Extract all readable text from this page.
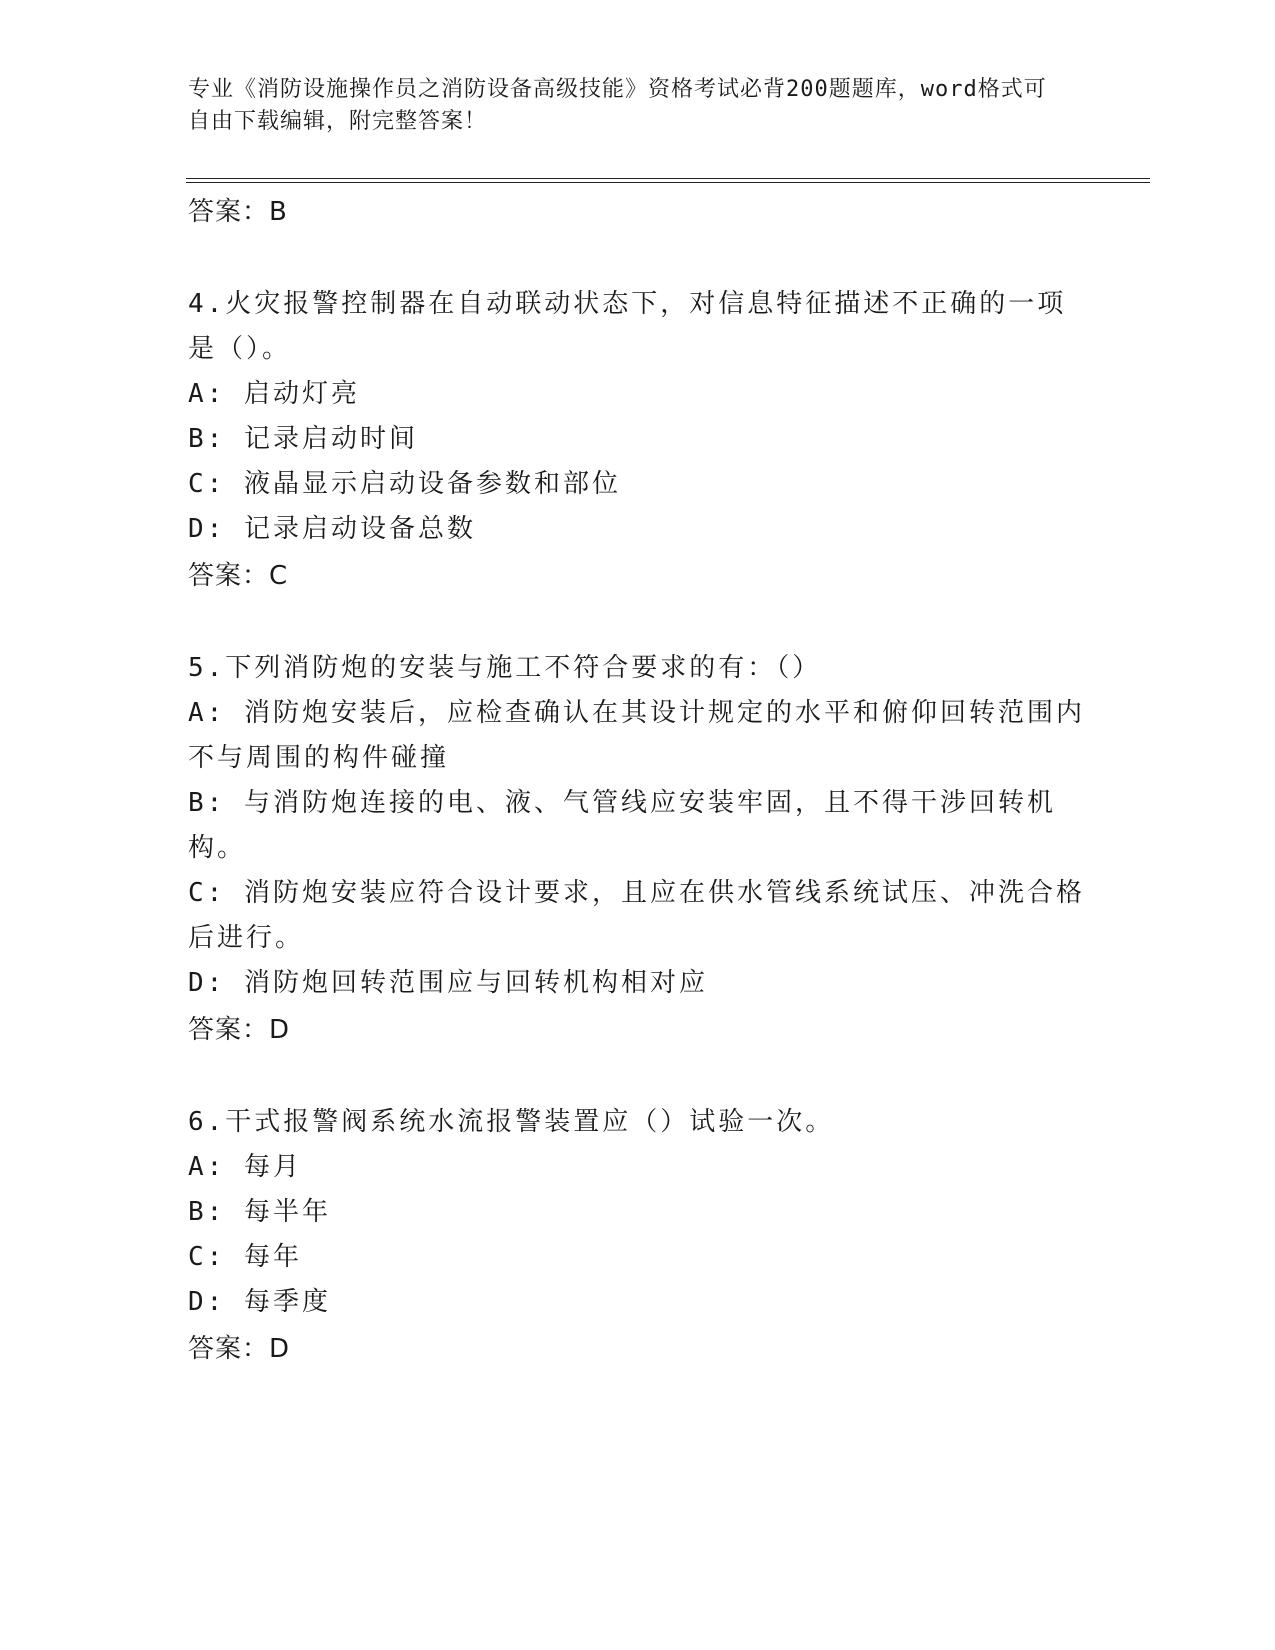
专业《消防设施操作员之消防设备高级技能》资格考试必背200题题库，word格式可自由下载编辑，附完整答案！
答案：B
4.火灾报警控制器在自动联动状态下，对信息特征描述不正确的一项是（）。
A: 启动灯亮
B: 记录启动时间
C: 液晶显示启动设备参数和部位
D: 记录启动设备总数
答案：C
5.下列消防炮的安装与施工不符合要求的有：（）
A: 消防炮安装后，应检查确认在其设计规定的水平和俯仰回转范围内不与周围的构件碰撞
B: 与消防炮连接的电、液、气管线应安装牢固，且不得干涉回转机构。
C: 消防炮安装应符合设计要求，且应在供水管线系统试压、冲洗合格后进行。
D: 消防炮回转范围应与回转机构相对应
答案：D
6.干式报警阀系统水流报警装置应（）试验一次。
A: 每月
B: 每半年
C: 每年
D: 每季度
答案：D
